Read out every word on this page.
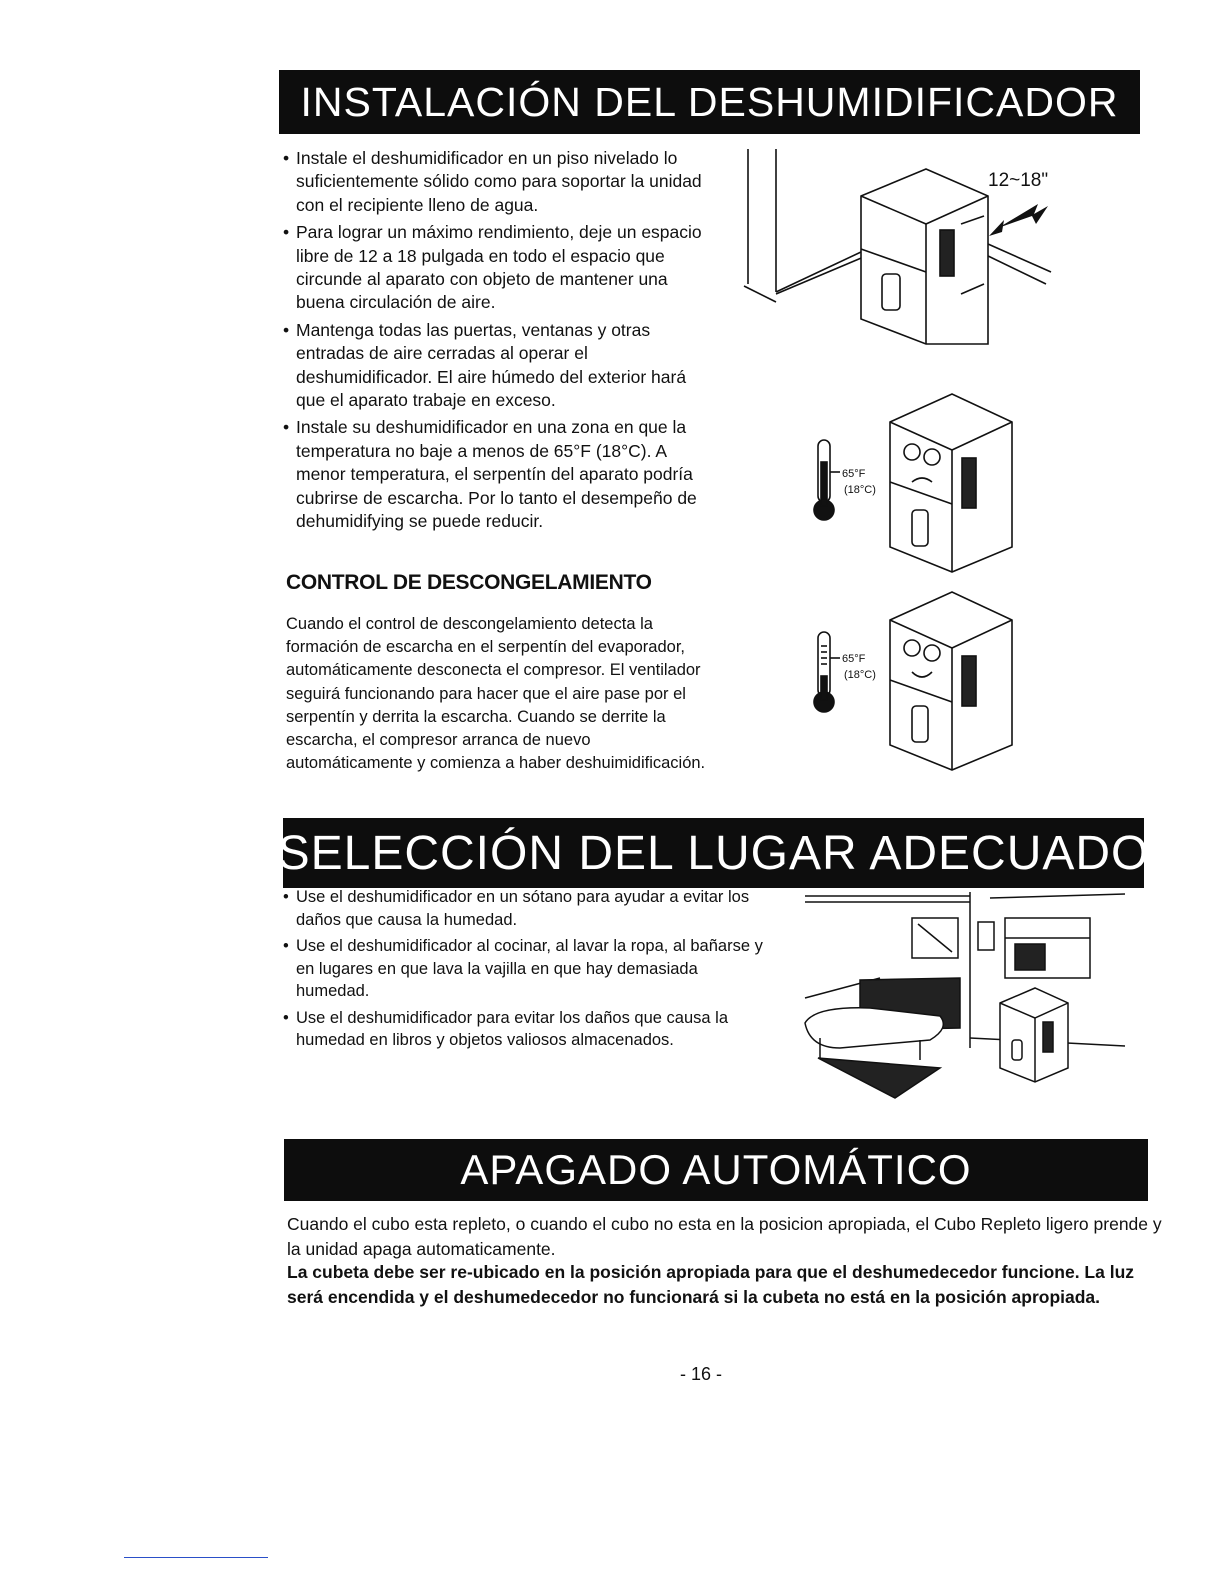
INSTALACIÓN DEL DESHUMIDIFICADOR
• Instale el deshumidificador en un piso nivelado lo suficientemente sólido como para soportar la unidad con el recipiente lleno de agua.
• Para lograr un máximo rendimiento, deje un espacio libre de 12 a 18 pulgada en todo el espacio que circunde al aparato con objeto de mantener una buena circulación de aire.
• Mantenga todas las puertas, ventanas y otras entradas de aire cerradas al operar el deshumidificador. El aire húmedo del exterior hará que el aparato trabaje en exceso.
• Instale su deshumidificador en una zona en que la temperatura no baje a menos de 65°F (18°C). A menor temperatura, el serpentín del aparato podría cubrirse de escarcha. Por lo tanto el desempeño de dehumidifying se puede reducir.
CONTROL DE DESCONGELAMIENTO

Cuando el control de descongelamiento detecta la formación de escarcha en el serpentín del evaporador, automáticamente desconecta el compresor. El ventilador seguirá funcionando para hacer que el aire pase por el serpentín y derrita la escarcha. Cuando se derrite la escarcha, el compresor arranca de nuevo automáticamente y comienza a haber deshuimidificación.

12~18"
65°F
(18°C)
65°F
(18°C)
SELECCIÓN DEL LUGAR ADECUADO
• Use el deshumidificador en un sótano para ayudar a evitar los daños que causa la humedad.
• Use el deshumidificador al cocinar, al lavar la ropa, al bañarse y en lugares en que lava la vajilla en que hay demasiada humedad.
• Use el deshumidificador para evitar los daños que causa la humedad en libros y objetos valiosos almacenados.
APAGADO AUTOMÁTICO

Cuando el cubo esta repleto, o cuando el cubo no esta en la posicion apropiada, el Cubo Repleto ligero prende y la unidad apaga automaticamente.

La cubeta debe ser re-ubicado en la posición apropiada para que el deshumedecedor funcione. La luz será encendida y el deshumedecedor no funcionará si la cubeta no está en la posición apropiada.

- 16 -
